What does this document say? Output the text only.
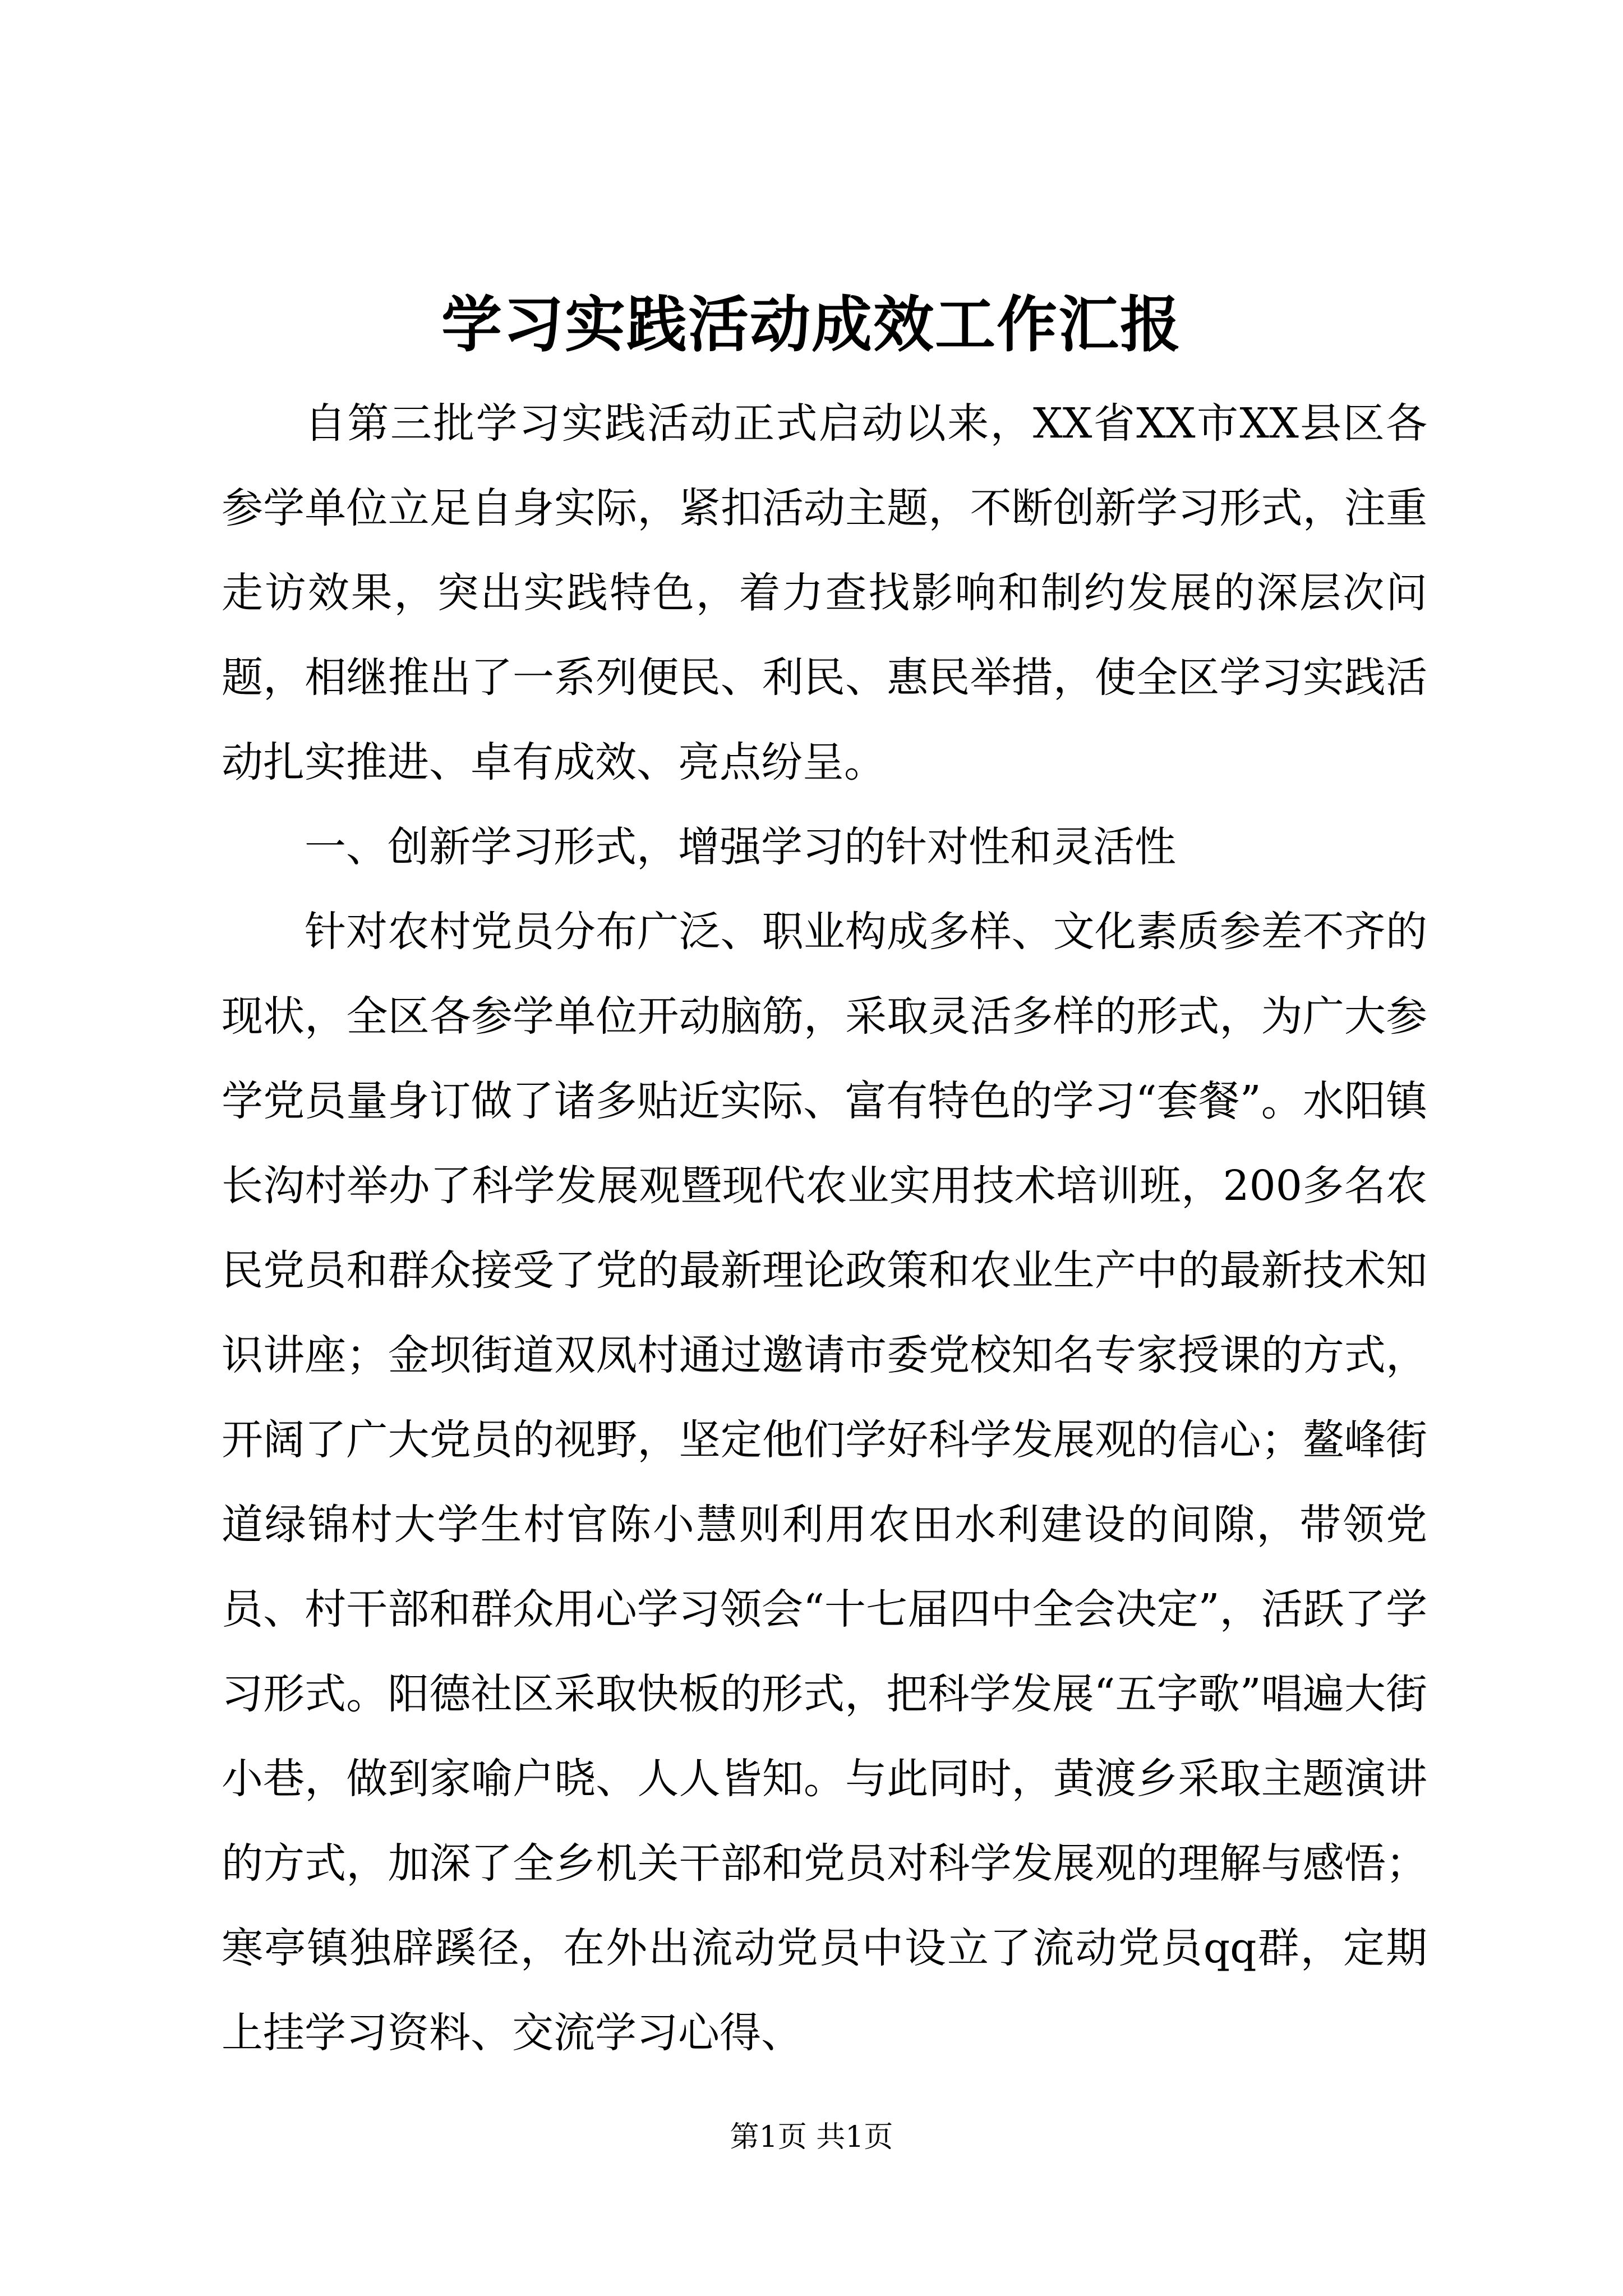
学习实践活动成效工作汇报

自第三批学习实践活动正式启动以来，XX省XX市XX县区各参学单位立足自身实际，紧扣活动主题，不断创新学习形式，注重走访效果，突出实践特色，着力查找影响和制约发展的深层次问题，相继推出了一系列便民、利民、惠民举措，使全区学习实践活动扎实推进、卓有成效、亮点纷呈。

一、创新学习形式，增强学习的针对性和灵活性

针对农村党员分布广泛、职业构成多样、文化素质参差不齐的现状，全区各参学单位开动脑筋，采取灵活多样的形式，为广大参学党员量身订做了诸多贴近实际、富有特色的学习“套餐”。水阳镇长沟村举办了科学发展观暨现代农业实用技术培训班，200多名农民党员和群众接受了党的最新理论政策和农业生产中的最新技术知识讲座；金坝街道双凤村通过邀请市委党校知名专家授课的方式，开阔了广大党员的视野，坚定他们学好科学发展观的信心；鳌峰街道绿锦村大学生村官陈小慧则利用农田水利建设的间隙，带领党员、村干部和群众用心学习领会“十七届四中全会决定”，活跃了学习形式。阳德社区采取快板的形式，把科学发展“五字歌”唱遍大街小巷，做到家喻户晓、人人皆知。与此同时，黄渡乡采取主题演讲的方式，加深了全乡机关干部和党员对科学发展观的理解与感悟；寒亭镇独辟蹊径，在外出流动党员中设立了流动党员qq群，定期上挂学习资料、交流学习心得、

第1页 共1页
